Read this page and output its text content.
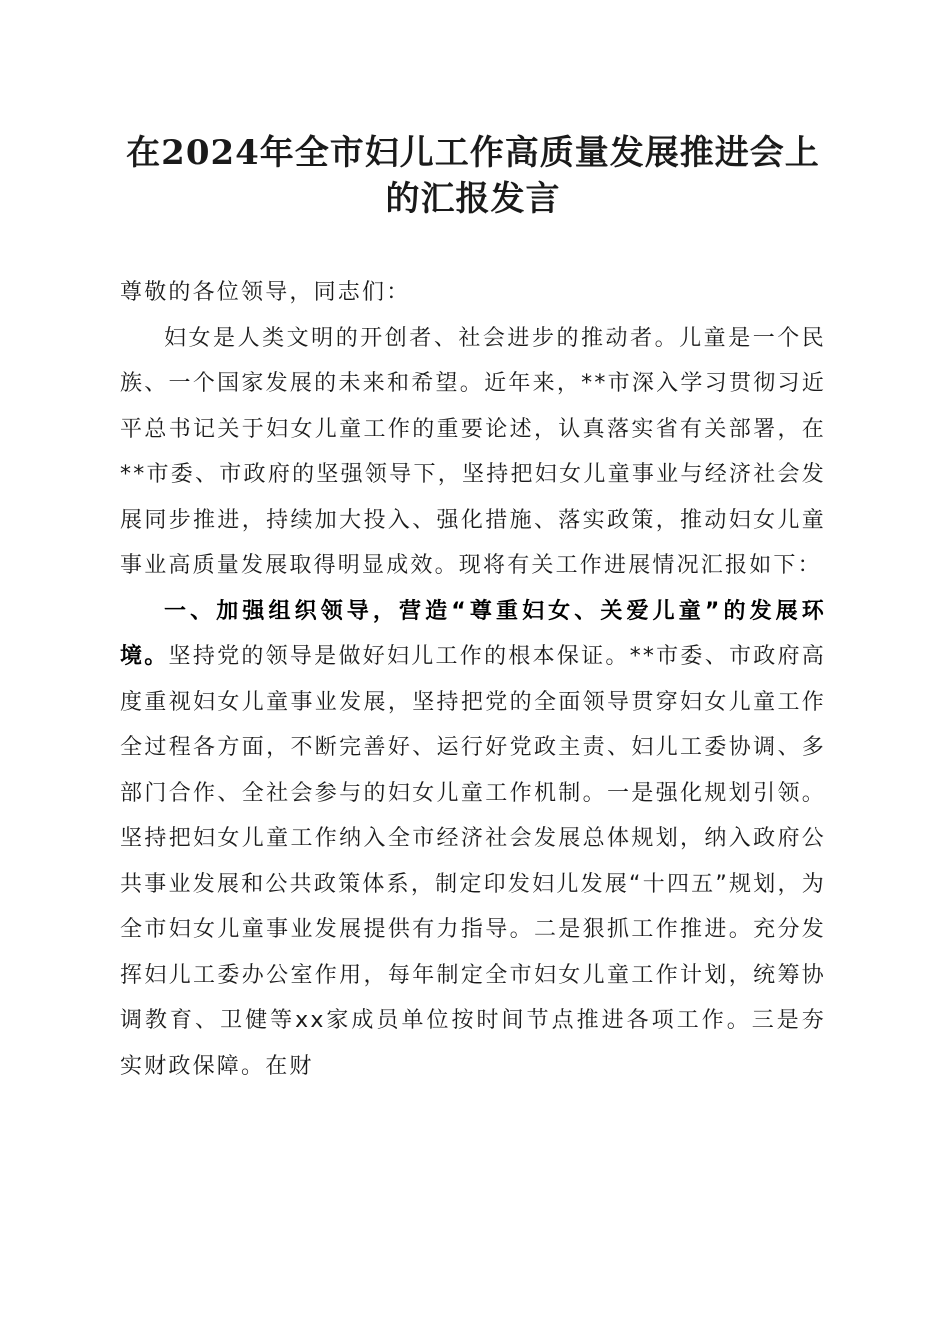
在2024年全市妇儿工作高质量发展推进会上
的汇报发言

尊敬的各位领导，同志们：

妇女是人类文明的开创者、社会进步的推动者。儿童是一个民族、一个国家发展的未来和希望。近年来，**市深入学习贯彻习近平总书记关于妇女儿童工作的重要论述，认真落实省有关部署，在**市委、市政府的坚强领导下，坚持把妇女儿童事业与经济社会发展同步推进，持续加大投入、强化措施、落实政策，推动妇女儿童事业高质量发展取得明显成效。现将有关工作进展情况汇报如下：

一、加强组织领导，营造“尊重妇女、关爱儿童”的发展环境。坚持党的领导是做好妇儿工作的根本保证。**市委、市政府高度重视妇女儿童事业发展，坚持把党的全面领导贯穿妇女儿童工作全过程各方面，不断完善好、运行好党政主责、妇儿工委协调、多部门合作、全社会参与的妇女儿童工作机制。一是强化规划引领。坚持把妇女儿童工作纳入全市经济社会发展总体规划，纳入政府公共事业发展和公共政策体系，制定印发妇儿发展“十四五”规划，为全市妇女儿童事业发展提供有力指导。二是狠抓工作推进。充分发挥妇儿工委办公室作用，每年制定全市妇女儿童工作计划，统筹协调教育、卫健等xx家成员单位按时间节点推进各项工作。三是夯实财政保障。在财
